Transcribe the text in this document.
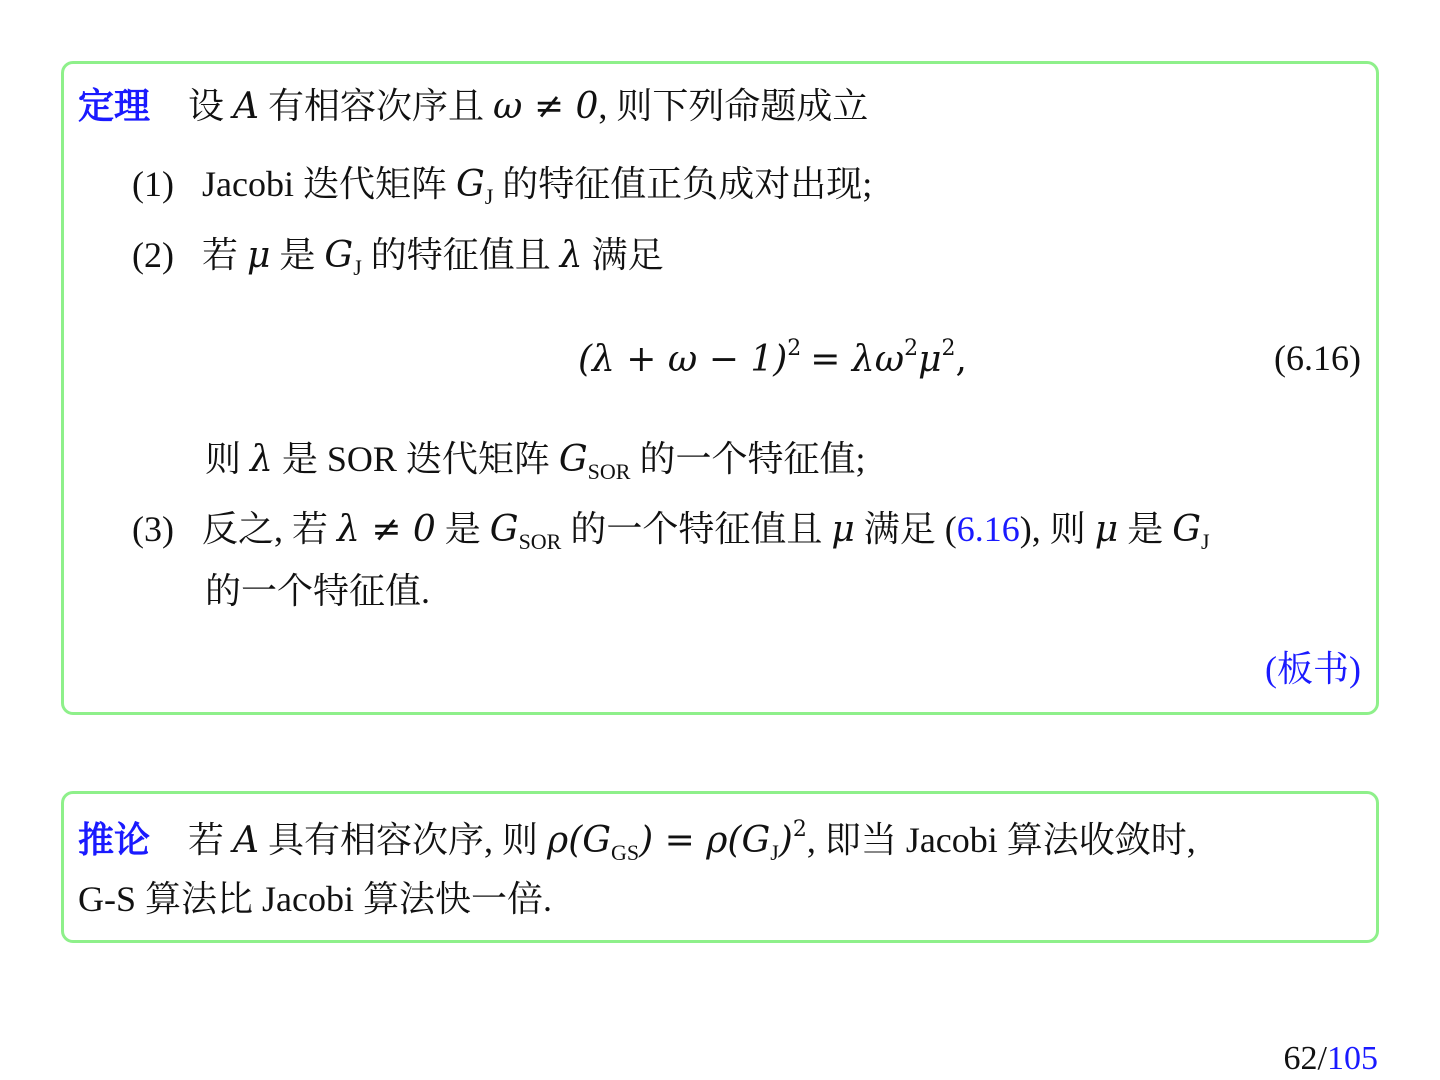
定理 设 A 有相容次序且 ω ≠ 0, 则下列命题成立
(1) Jacobi 迭代矩阵 $G_J$ 的特征值正负成对出现;
(2) 若 μ 是 $G_J$ 的特征值且 λ 满足
$(\lambda + \omega - 1)^2 = \lambda\omega^2\mu^2$,	(6.16)
则 λ 是 SOR 迭代矩阵 $G_{SOR}$ 的一个特征值;
(3) 反之, 若 λ ≠ 0 是 $G_{SOR}$ 的一个特征值且 μ 满足 (6.16), 则 μ 是 $G_J$
的一个特征值.
(板书)
推论 若 A 具有相容次序, 则 $\rho(G_{GS}) = \rho(G_J)^2$, 即当 Jacobi 算法收敛时,
G-S 算法比 Jacobi 算法快一倍.
62/105
